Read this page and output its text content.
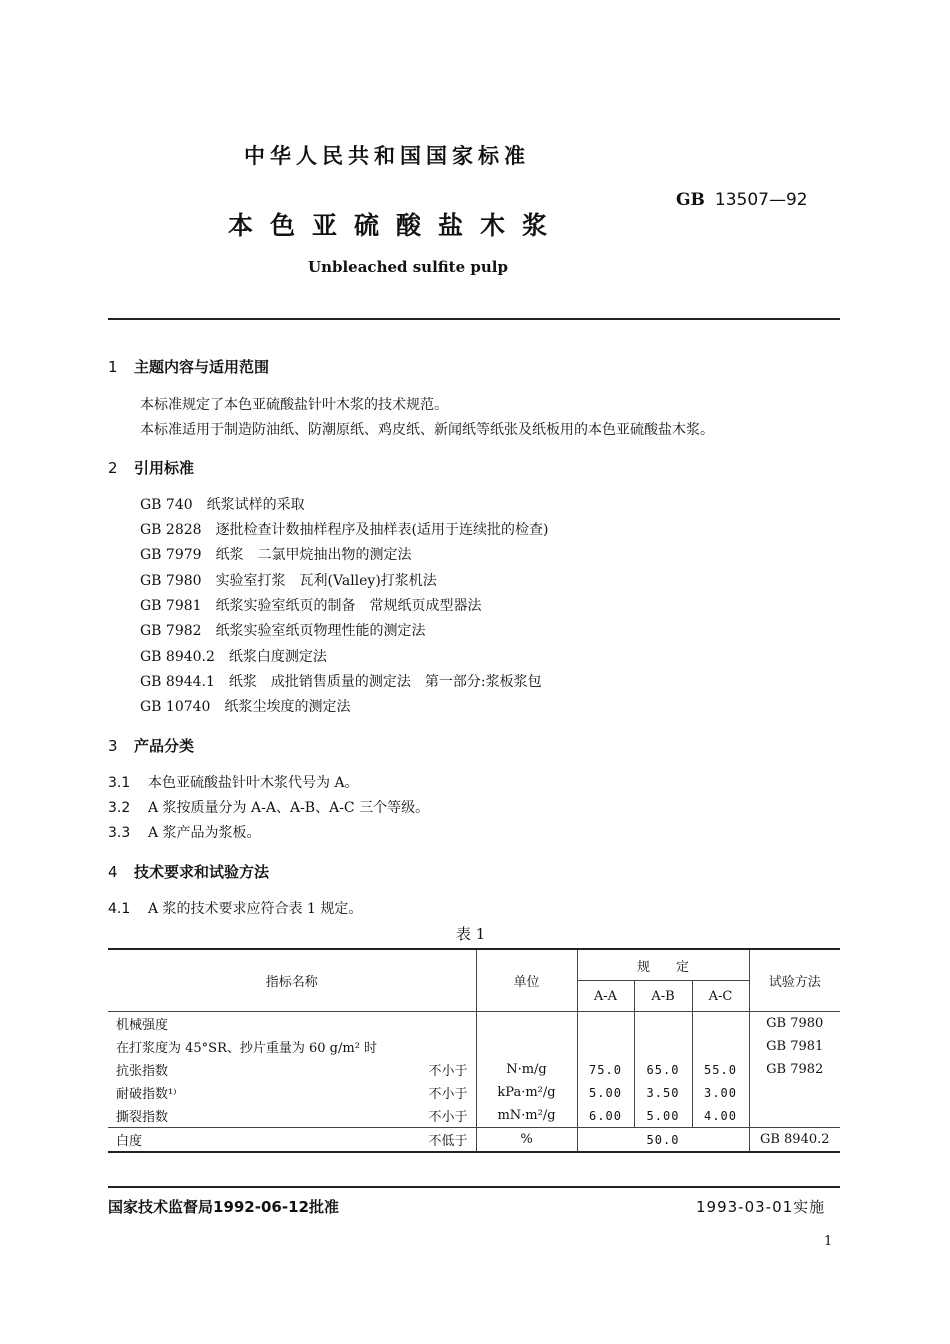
中华人民共和国国家标准
GB 13507—92
本色亚硫酸盐木浆
Unbleached sulfite pulp
1 主题内容与适用范围
本标准规定了本色亚硫酸盐针叶木浆的技术规范。
本标准适用于制造防油纸、防潮原纸、鸡皮纸、新闻纸等纸张及纸板用的本色亚硫酸盐木浆。
2 引用标准
GB 740 纸浆试样的采取
GB 2828 逐批检查计数抽样程序及抽样表(适用于连续批的检查)
GB 7979 纸浆　二氯甲烷抽出物的测定法
GB 7980 实验室打浆　瓦利(Valley)打浆机法
GB 7981 纸浆实验室纸页的制备　常规纸页成型器法
GB 7982 纸浆实验室纸页物理性能的测定法
GB 8940.2 纸浆白度测定法
GB 8944.1 纸浆　成批销售质量的测定法　第一部分:浆板浆包
GB 10740 纸浆尘埃度的测定法
3 产品分类
3.1 本色亚硫酸盐针叶木浆代号为 A。
3.2 A 浆按质量分为 A-A、A-B、A-C 三个等级。
3.3 A 浆产品为浆板。
4 技术要求和试验方法
4.1 A 浆的技术要求应符合表 1 规定。
表 1
指标名称	单位	规　　定			试验方法
		A-A	A-B	A-C	
机械强度					GB 7980
在打浆度为 45°SR、抄片重量为 60 g/m² 时					GB 7981

抗张指数 不小于	N·m/g	75.0	65.0	55.0	GB 7982

耐破指数¹⁾ 不小于	kPa·m²/g	5.00	3.50	3.00	

撕裂指数 不小于	mN·m²/g	6.00	5.00	4.00	

白度 不低于	%	50.0			GB 8940.2
国家技术监督局1992-06-12批准	1993-03-01实施
1
